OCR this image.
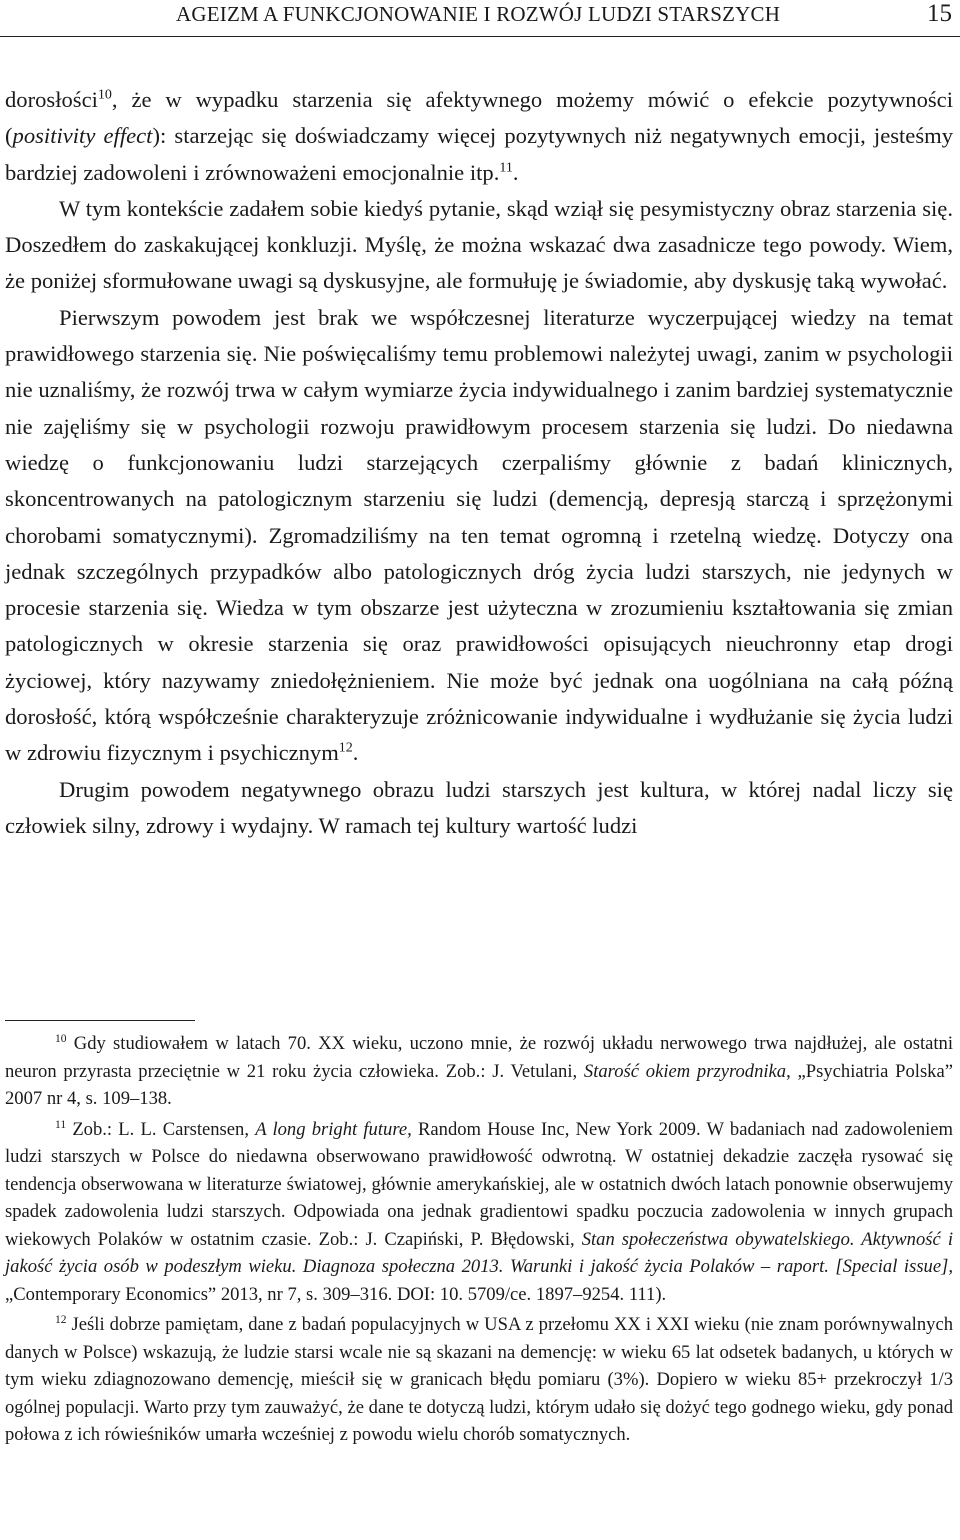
AGEIZM A FUNKCJONOWANIE I ROZWÓJ LUDZI STARSZYCH	15

dorosłości$^{10}$, że w wypadku starzenia się afektywnego możemy mówić o efekcie pozytywności (positivity effect): starzejąc się doświadczamy więcej pozytywnych niż negatywnych emocji, jesteśmy bardziej zadowoleni i zrównoważeni emocjonalnie itp.$^{11}$.

W tym kontekście zadałem sobie kiedyś pytanie, skąd wziął się pesymistyczny obraz starzenia się. Doszedłem do zaskakującej konkluzji. Myślę, że można wskazać dwa zasadnicze tego powody. Wiem, że poniżej sformułowane uwagi są dyskusyjne, ale formułuję je świadomie, aby dyskusję taką wywołać.

Pierwszym powodem jest brak we współczesnej literaturze wyczerpującej wiedzy na temat prawidłowego starzenia się. Nie poświęcaliśmy temu problemowi należytej uwagi, zanim w psychologii nie uznaliśmy, że rozwój trwa w całym wymiarze życia indywidualnego i zanim bardziej systematycznie nie zajęliśmy się w psychologii rozwoju prawidłowym procesem starzenia się ludzi. Do niedawna wiedzę o funkcjonowaniu ludzi starzejących czerpaliśmy głównie z badań klinicznych, skoncentrowanych na patologicznym starzeniu się ludzi (demencją, depresją starczą i sprzężonymi chorobami somatycznymi). Zgromadziliśmy na ten temat ogromną i rzetelną wiedzę. Dotyczy ona jednak szczególnych przypadków albo patologicznych dróg życia ludzi starszych, nie jedynych w procesie starzenia się. Wiedza w tym obszarze jest użyteczna w zrozumieniu kształtowania się zmian patologicznych w okresie starzenia się oraz prawidłowości opisujących nieuchronny etap drogi życiowej, który nazywamy zniedołężnieniem. Nie może być jednak ona uogólniana na całą późną dorosłość, którą współcześnie charakteryzuje zróżnicowanie indywidualne i wydłużanie się życia ludzi w zdrowiu fizycznym i psychicznym$^{12}$.

Drugim powodem negatywnego obrazu ludzi starszych jest kultura, w której nadal liczy się człowiek silny, zdrowy i wydajny. W ramach tej kultury wartość ludzi

$^{10}$ Gdy studiowałem w latach 70. XX wieku, uczono mnie, że rozwój układu nerwowego trwa najdłużej, ale ostatni neuron przyrasta przeciętnie w 21 roku życia człowieka. Zob.: J. Vetulani, Starość okiem przyrodnika, „Psychiatria Polska” 2007 nr 4, s. 109–138.

$^{11}$ Zob.: L. L. Carstensen, A long bright future, Random House Inc, New York 2009. W badaniach nad zadowoleniem ludzi starszych w Polsce do niedawna obserwowano prawidłowość odwrotną. W ostatniej dekadzie zaczęła rysować się tendencja obserwowana w literaturze światowej, głównie amerykańskiej, ale w ostatnich dwóch latach ponownie obserwujemy spadek zadowolenia ludzi starszych. Odpowiada ona jednak gradientowi spadku poczucia zadowolenia w innych grupach wiekowych Polaków w ostatnim czasie. Zob.: J. Czapiński, P. Błędowski, Stan społeczeństwa obywatelskiego. Aktywność i jakość życia osób w podeszłym wieku. Diagnoza społeczna 2013. Warunki i jakość życia Polaków – raport. [Special issue], „Contemporary Economics” 2013, nr 7, s. 309–316. DOI: 10. 5709/ce. 1897–9254. 111).

$^{12}$ Jeśli dobrze pamiętam, dane z badań populacyjnych w USA z przełomu XX i XXI wieku (nie znam porównywalnych danych w Polsce) wskazują, że ludzie starsi wcale nie są skazani na demencję: w wieku 65 lat odsetek badanych, u których w tym wieku zdiagnozowano demencję, mieścił się w granicach błędu pomiaru (3%). Dopiero w wieku 85+ przekroczył 1/3 ogólnej populacji. Warto przy tym zauważyć, że dane te dotyczą ludzi, którym udało się dożyć tego godnego wieku, gdy ponad połowa z ich rówieśników umarła wcześniej z powodu wielu chorób somatycznych.
